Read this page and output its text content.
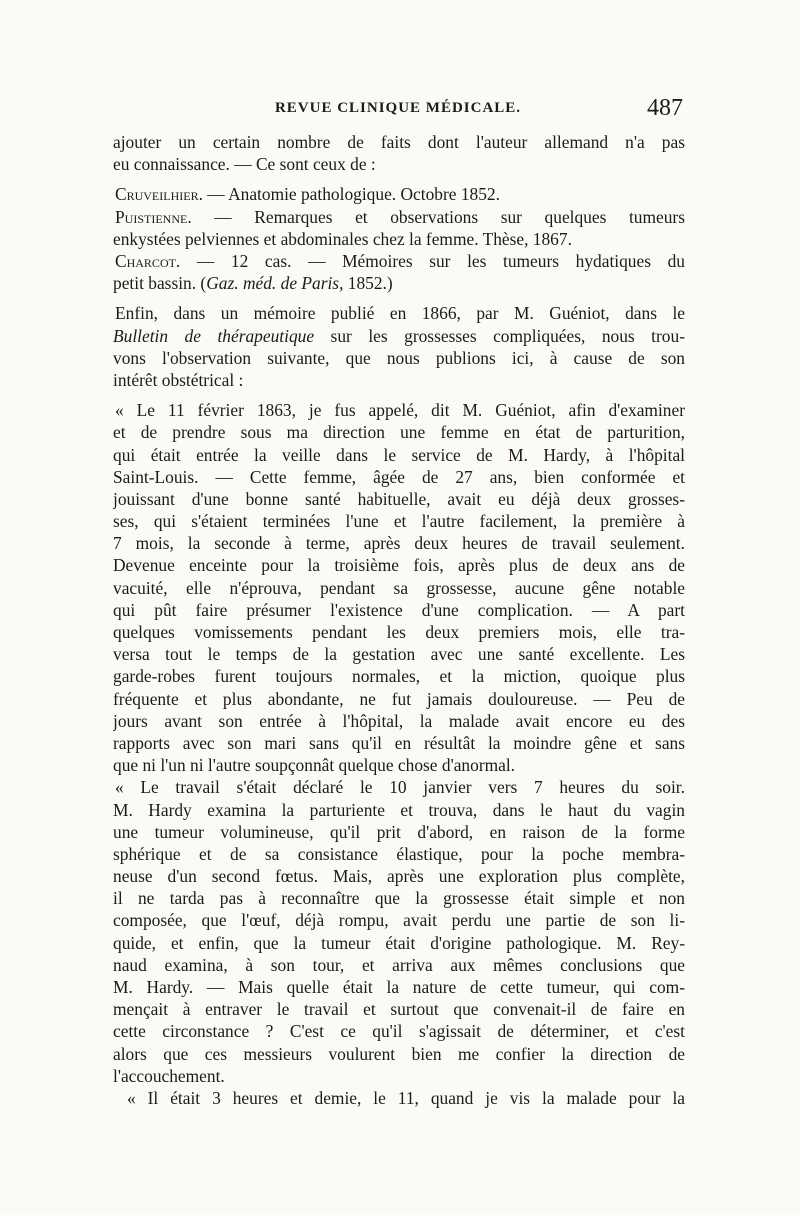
REVUE CLINIQUE MÉDICALE.	487
ajouter un certain nombre de faits dont l'auteur allemand n'a pas
eu connaissance. — Ce sont ceux de :
Cruveilhier. — Anatomie pathologique. Octobre 1852.
Puistienne. — Remarques et observations sur quelques tumeurs
enkystées pelviennes et abdominales chez la femme. Thèse, 1867.
Charcot. — 12 cas. — Mémoires sur les tumeurs hydatiques du
petit bassin. (Gaz. méd. de Paris, 1852.)
Enfin, dans un mémoire publié en 1866, par M. Guéniot, dans le
Bulletin de thérapeutique sur les grossesses compliquées, nous trou-
vons l'observation suivante, que nous publions ici, à cause de son
intérêt obstétrical :
« Le 11 février 1863, je fus appelé, dit M. Guéniot, afin d'examiner
et de prendre sous ma direction une femme en état de parturition,
qui était entrée la veille dans le service de M. Hardy, à l'hôpital
Saint-Louis. — Cette femme, âgée de 27 ans, bien conformée et
jouissant d'une bonne santé habituelle, avait eu déjà deux grosses-
ses, qui s'étaient terminées l'une et l'autre facilement, la première à
7 mois, la seconde à terme, après deux heures de travail seulement.
Devenue enceinte pour la troisième fois, après plus de deux ans de
vacuité, elle n'éprouva, pendant sa grossesse, aucune gêne notable
qui pût faire présumer l'existence d'une complication. — A part
quelques vomissements pendant les deux premiers mois, elle tra-
versa tout le temps de la gestation avec une santé excellente. Les
garde-robes furent toujours normales, et la miction, quoique plus
fréquente et plus abondante, ne fut jamais douloureuse. — Peu de
jours avant son entrée à l'hôpital, la malade avait encore eu des
rapports avec son mari sans qu'il en résultât la moindre gêne et sans
que ni l'un ni l'autre soupçonnât quelque chose d'anormal.
« Le travail s'était déclaré le 10 janvier vers 7 heures du soir.
M. Hardy examina la parturiente et trouva, dans le haut du vagin
une tumeur volumineuse, qu'il prit d'abord, en raison de la forme
sphérique et de sa consistance élastique, pour la poche membra-
neuse d'un second fœtus. Mais, après une exploration plus complète,
il ne tarda pas à reconnaître que la grossesse était simple et non
composée, que l'œuf, déjà rompu, avait perdu une partie de son li-
quide, et enfin, que la tumeur était d'origine pathologique. M. Rey-
naud examina, à son tour, et arriva aux mêmes conclusions que
M. Hardy. — Mais quelle était la nature de cette tumeur, qui com-
mençait à entraver le travail et surtout que convenait-il de faire en
cette circonstance ? C'est ce qu'il s'agissait de déterminer, et c'est
alors que ces messieurs voulurent bien me confier la direction de
l'accouchement.
« Il était 3 heures et demie, le 11, quand je vis la malade pour la
